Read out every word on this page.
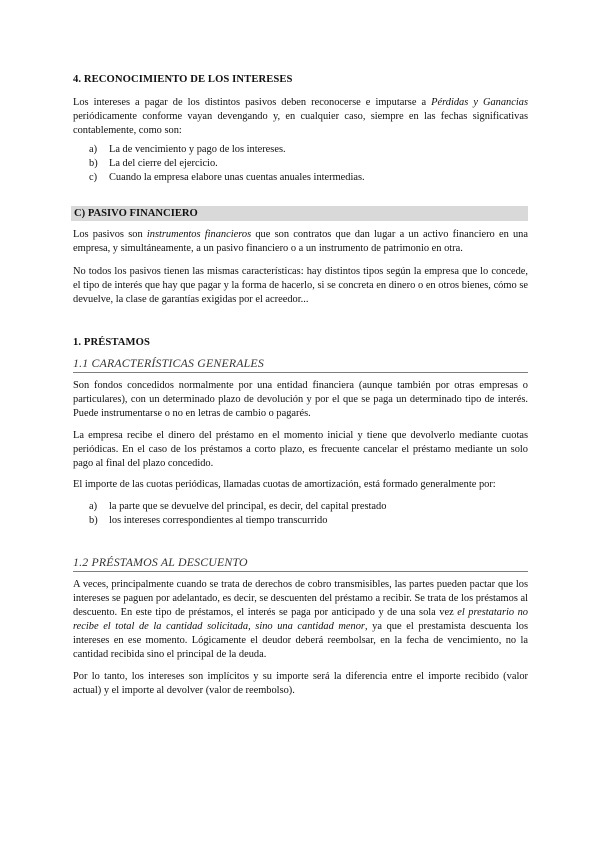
4. RECONOCIMIENTO DE LOS INTERESES
Los intereses a pagar de los distintos pasivos deben reconocerse e imputarse a Pérdidas y Ganancias periódicamente conforme vayan devengando y, en cualquier caso, siempre en las fechas significativas contablemente, como son:
a)	La de vencimiento y pago de los intereses.
b)	La del cierre del ejercicio.
c)	Cuando la empresa elabore unas cuentas anuales intermedias.
C) PASIVO FINANCIERO
Los pasivos son instrumentos financieros que son contratos que dan lugar a un activo financiero en una empresa, y simultáneamente, a un pasivo financiero o a un instrumento de patrimonio en otra.
No todos los pasivos tienen las mismas características: hay distintos tipos según la empresa que lo concede, el tipo de interés que hay que pagar y la forma de hacerlo, si se concreta en dinero o en otros bienes, cómo se devuelve, la clase de garantías exigidas por el acreedor...
1. PRÉSTAMOS
1.1 CARACTERÍSTICAS GENERALES
Son fondos concedidos normalmente por una entidad financiera (aunque también por otras empresas o particulares), con un determinado plazo de devolución y por el que se paga un determinado tipo de interés. Puede instrumentarse o no en letras de cambio o pagarés.
La empresa recibe el dinero del préstamo en el momento inicial y tiene que devolverlo mediante cuotas periódicas. En el caso de los préstamos a corto plazo, es frecuente cancelar el préstamo mediante un solo pago al final del plazo concedido.
El importe de las cuotas periódicas, llamadas cuotas de amortización, está formado generalmente por:
a)	la parte que se devuelve del principal, es decir, del capital prestado
b)	los intereses correspondientes al tiempo transcurrido
1.2 PRÉSTAMOS AL DESCUENTO
A veces, principalmente cuando se trata de derechos de cobro transmisibles, las partes pueden pactar que los intereses se paguen por adelantado, es decir, se descuenten del préstamo a recibir. Se trata de los préstamos al descuento. En este tipo de préstamos, el interés se paga por anticipado y de una sola vez el prestatario no recibe el total de la cantidad solicitada, sino una cantidad menor, ya que el prestamista descuenta los intereses en ese momento. Lógicamente el deudor deberá reembolsar, en la fecha de vencimiento, no la cantidad recibida sino el principal de la deuda.
Por lo tanto, los intereses son implícitos y su importe será la diferencia entre el importe recibido (valor actual) y el importe al devolver (valor de reembolso).
